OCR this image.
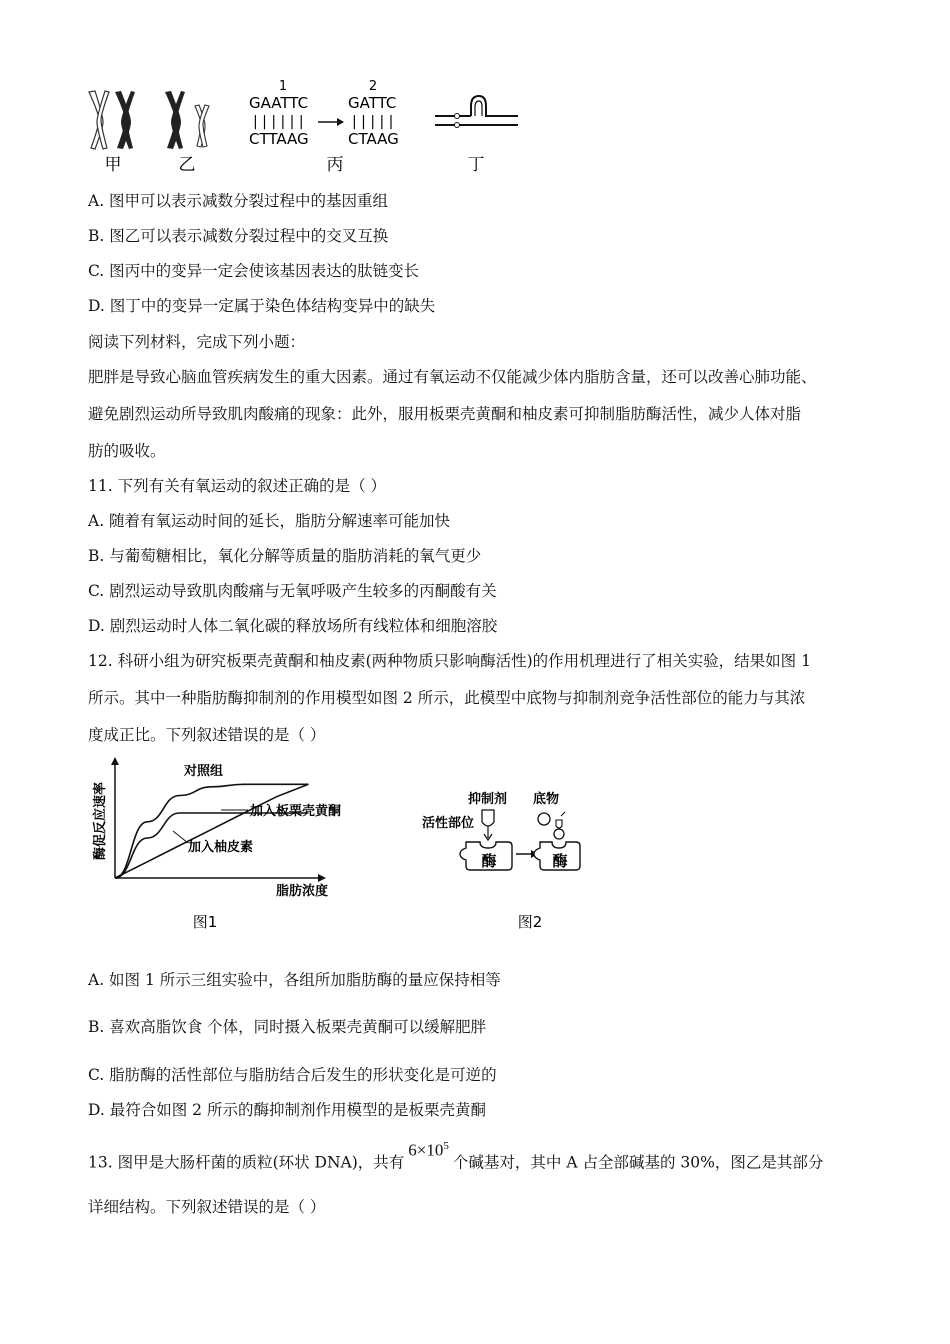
1	2
GAATTC
| | | | | |
CTTAAG
GATTC
| | | | |
CTAAG
甲	乙	丙	丁
A. 图甲可以表示减数分裂过程中的基因重组
B. 图乙可以表示减数分裂过程中的交叉互换
C. 图丙中的变异一定会使该基因表达的肽链变长
D. 图丁中的变异一定属于染色体结构变异中的缺失
阅读下列材料，完成下列小题：
肥胖是导致心脑血管疾病发生的重大因素。通过有氧运动不仅能减少体内脂肪含量，还可以改善心肺功能、
避免剧烈运动所导致肌肉酸痛的现象：此外，服用板栗壳黄酮和柚皮素可抑制脂肪酶活性，减少人体对脂
肪的吸收。
11. 下列有关有氧运动的叙述正确的是（ ）
A. 随着有氧运动时间的延长，脂肪分解速率可能加快
B. 与葡萄糖相比，氧化分解等质量的脂肪消耗的氧气更少
C. 剧烈运动导致肌肉酸痛与无氧呼吸产生较多的丙酮酸有关
D. 剧烈运动时人体二氧化碳的释放场所有线粒体和细胞溶胶
12. 科研小组为研究板栗壳黄酮和柚皮素(两种物质只影响酶活性)的作用机理进行了相关实验，结果如图 1
所示。其中一种脂肪酶抑制剂的作用模型如图 2 所示，此模型中底物与抑制剂竞争活性部位的能力与其浓
度成正比。下列叙述错误的是（ ）
酶促反应速率
脂肪浓度
对照组
加入板栗壳黄酮
加入柚皮素
图1
抑制剂 底物
活性部位
酶	酶
图2
A. 如图 1 所示三组实验中，各组所加脂肪酶的量应保持相等
B. 喜欢高脂饮食 个体，同时摄入板栗壳黄酮可以缓解肥胖
C. 脂肪酶的活性部位与脂肪结合后发生的形状变化是可逆的
D. 最符合如图 2 所示的酶抑制剂作用模型的是板栗壳黄酮
13. 图甲是大肠杆菌的质粒(环状 DNA)，共有$6\times 10^5$个碱基对，其中 A 占全部碱基的 30%，图乙是其部分
详细结构。下列叙述错误的是（ ）
